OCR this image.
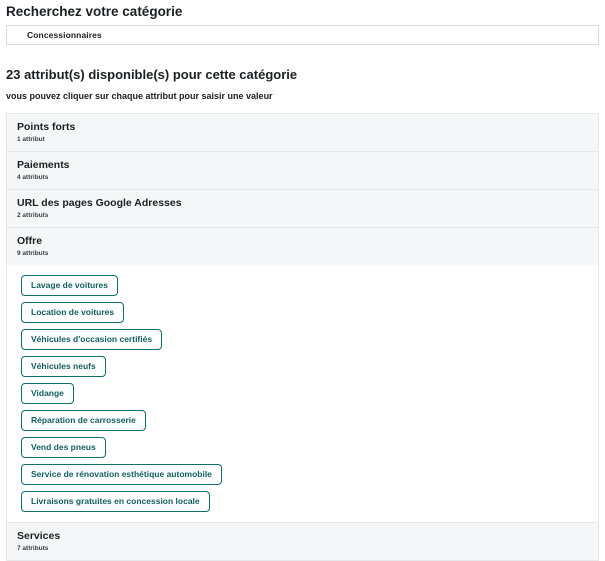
Recherchez votre catégorie
Concessionnaires
23 attribut(s) disponible(s) pour cette catégorie

vous pouvez cliquer sur chaque attribut pour saisir une valeur

Points forts
1 attribut
Paiements
4 attributs
URL des pages Google Adresses
2 attributs
Offre
9 attributs
Lavage de voitures
Location de voitures
Véhicules d'occasion certifiés
Véhicules neufs
Vidange
Réparation de carrosserie
Vend des pneus
Service de rénovation esthétique automobile
Livraisons gratuites en concession locale
Services
7 attributs
